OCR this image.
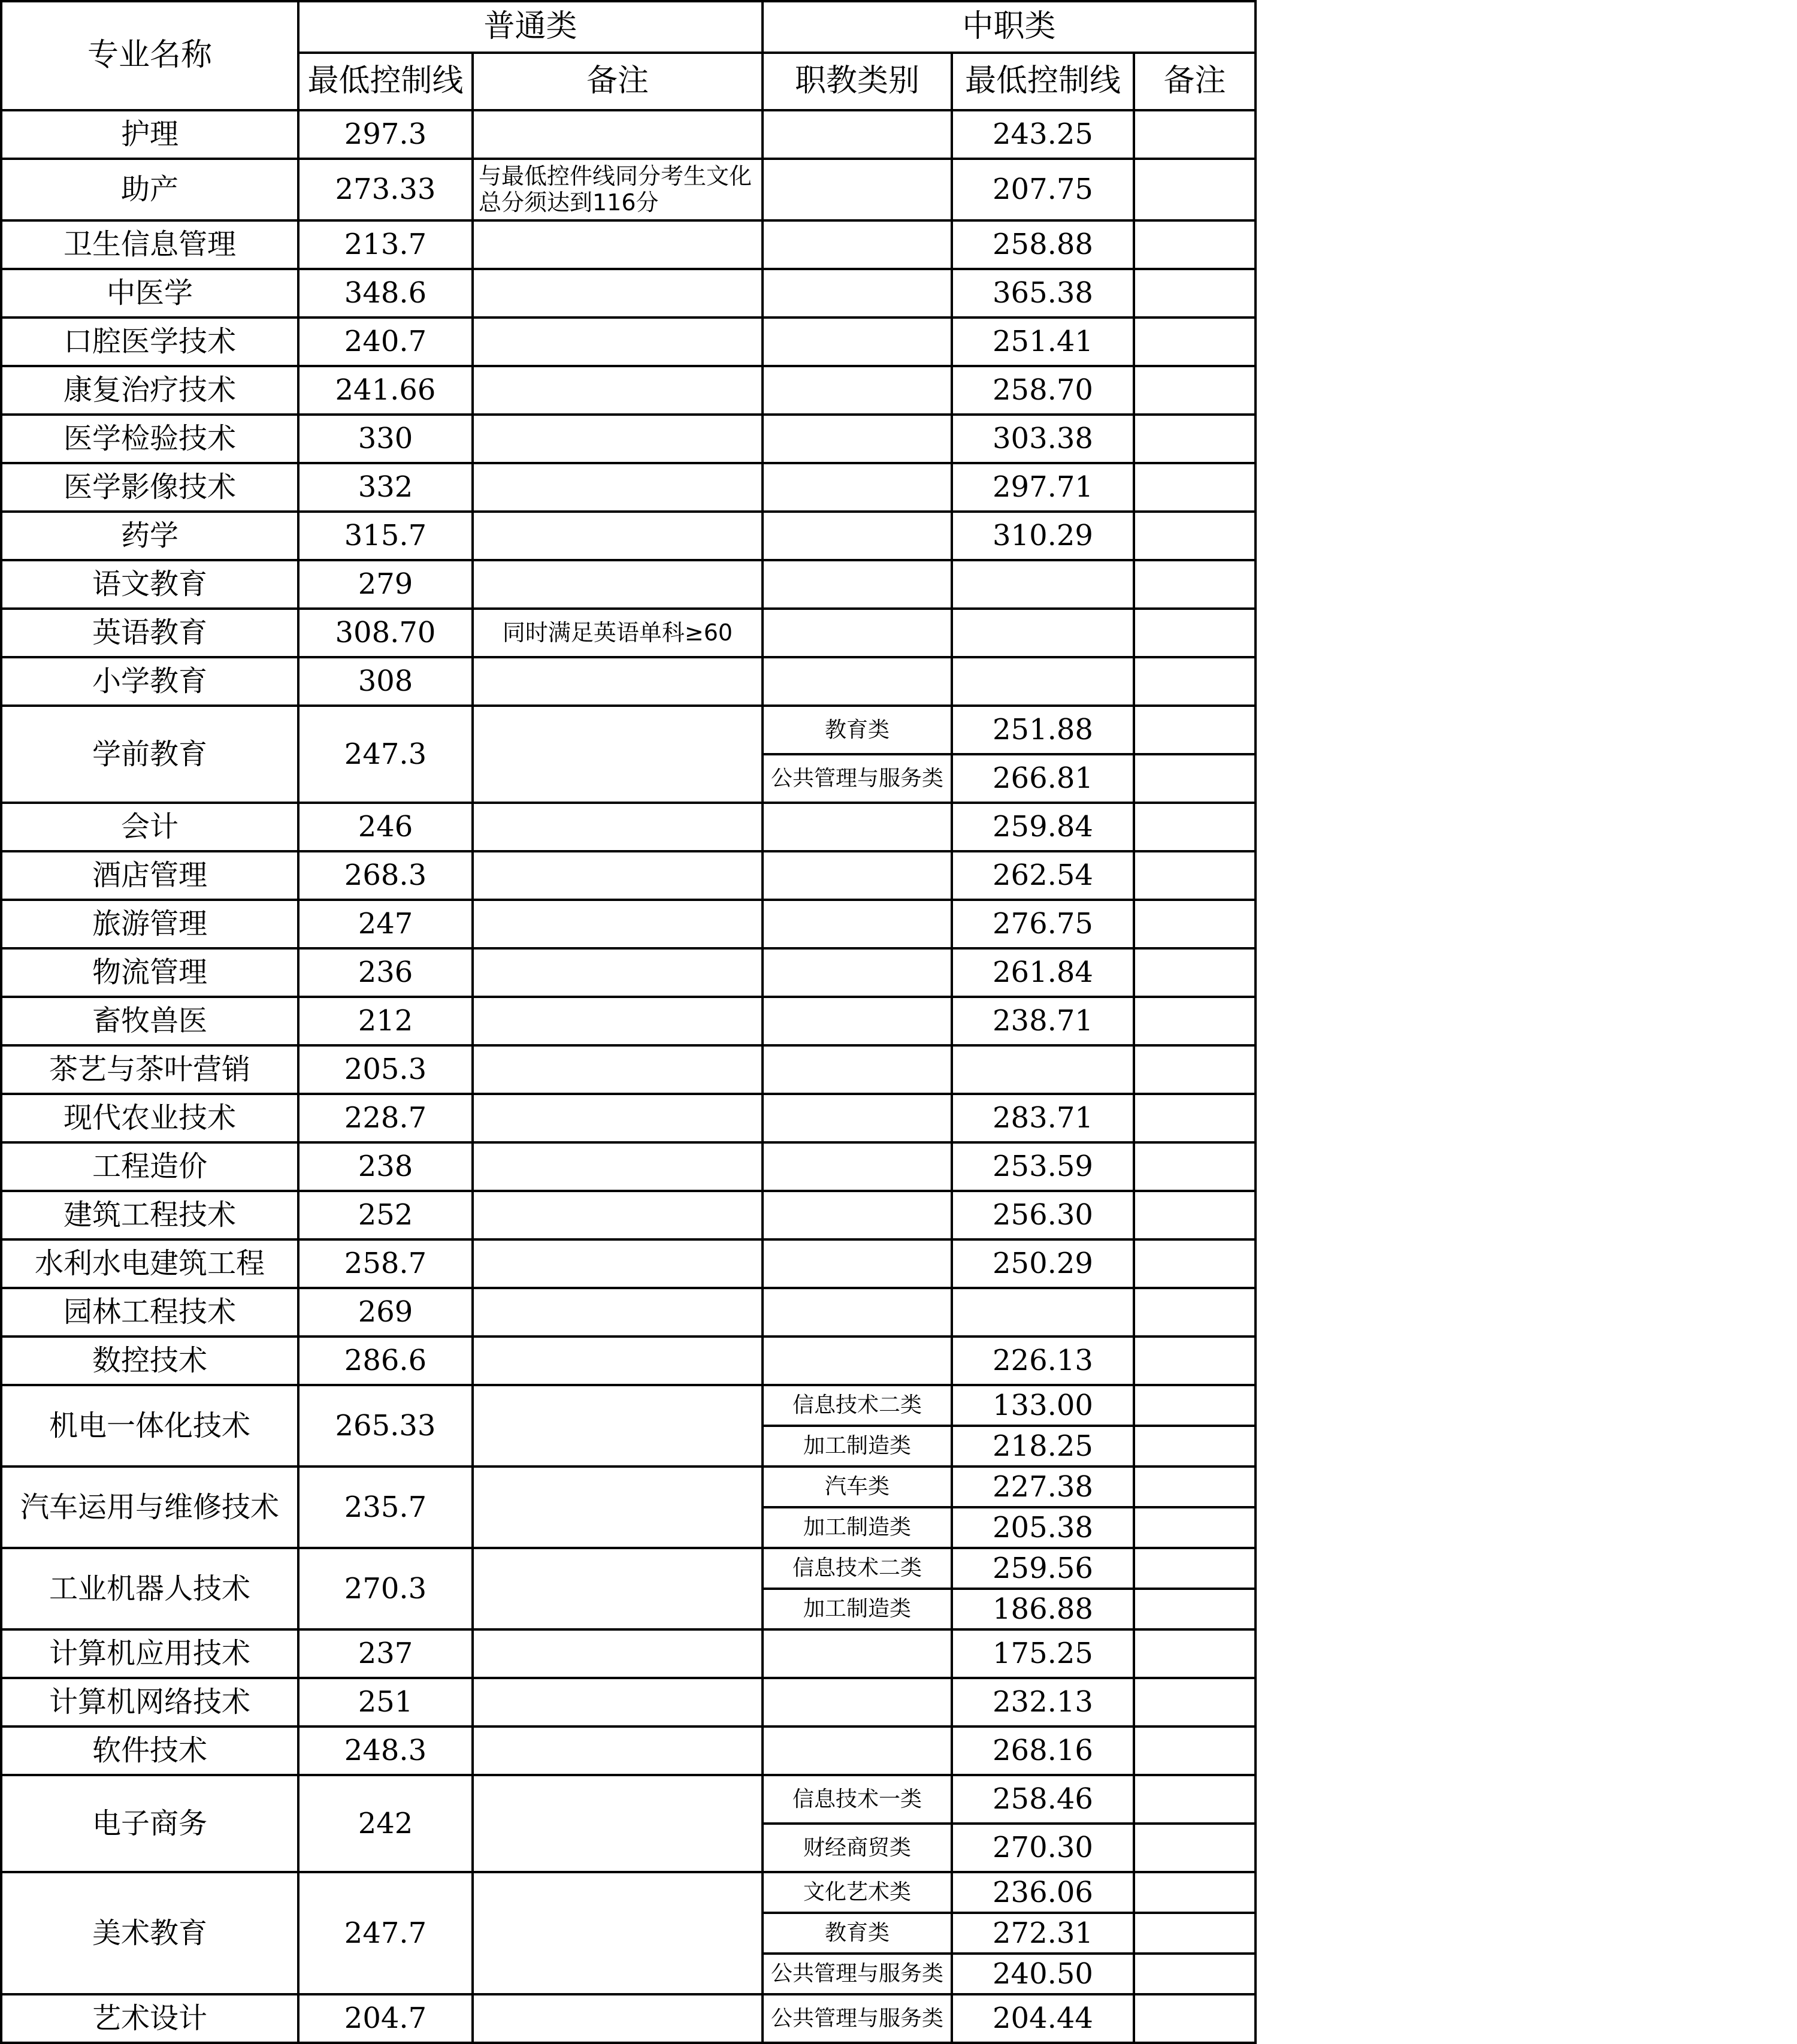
专业名称	普通类		中职类		
	最低控制线	备注	职教类别	最低控制线	备注
护理	297.3			243.25	
助产	273.33	与最低控件线同分考生文化总分须达到116分		207.75	
卫生信息管理	213.7			258.88	
中医学	348.6			365.38	
口腔医学技术	240.7			251.41	
康复治疗技术	241.66			258.70	
医学检验技术	330			303.38	
医学影像技术	332			297.71	
药学	315.7			310.29	
语文教育	279				
英语教育	308.70	同时满足英语单科≥60			
小学教育	308				
学前教育	247.3		教育类	251.88	
			公共管理与服务类	266.81	
会计	246			259.84	
酒店管理	268.3			262.54	
旅游管理	247			276.75	
物流管理	236			261.84	
畜牧兽医	212			238.71	
茶艺与茶叶营销	205.3				
现代农业技术	228.7			283.71	
工程造价	238			253.59	
建筑工程技术	252			256.30	
水利水电建筑工程	258.7			250.29	
园林工程技术	269				
数控技术	286.6			226.13	
机电一体化技术	265.33		信息技术二类	133.00	
			加工制造类	218.25	
汽车运用与维修技术	235.7		汽车类	227.38	
			加工制造类	205.38	
工业机器人技术	270.3		信息技术二类	259.56	
			加工制造类	186.88	
计算机应用技术	237			175.25	
计算机网络技术	251			232.13	
软件技术	248.3			268.16	
电子商务	242		信息技术一类	258.46	
			财经商贸类	270.30	
美术教育	247.7		文化艺术类	236.06	
			教育类	272.31	
			公共管理与服务类	240.50	
艺术设计	204.7		公共管理与服务类	204.44	
